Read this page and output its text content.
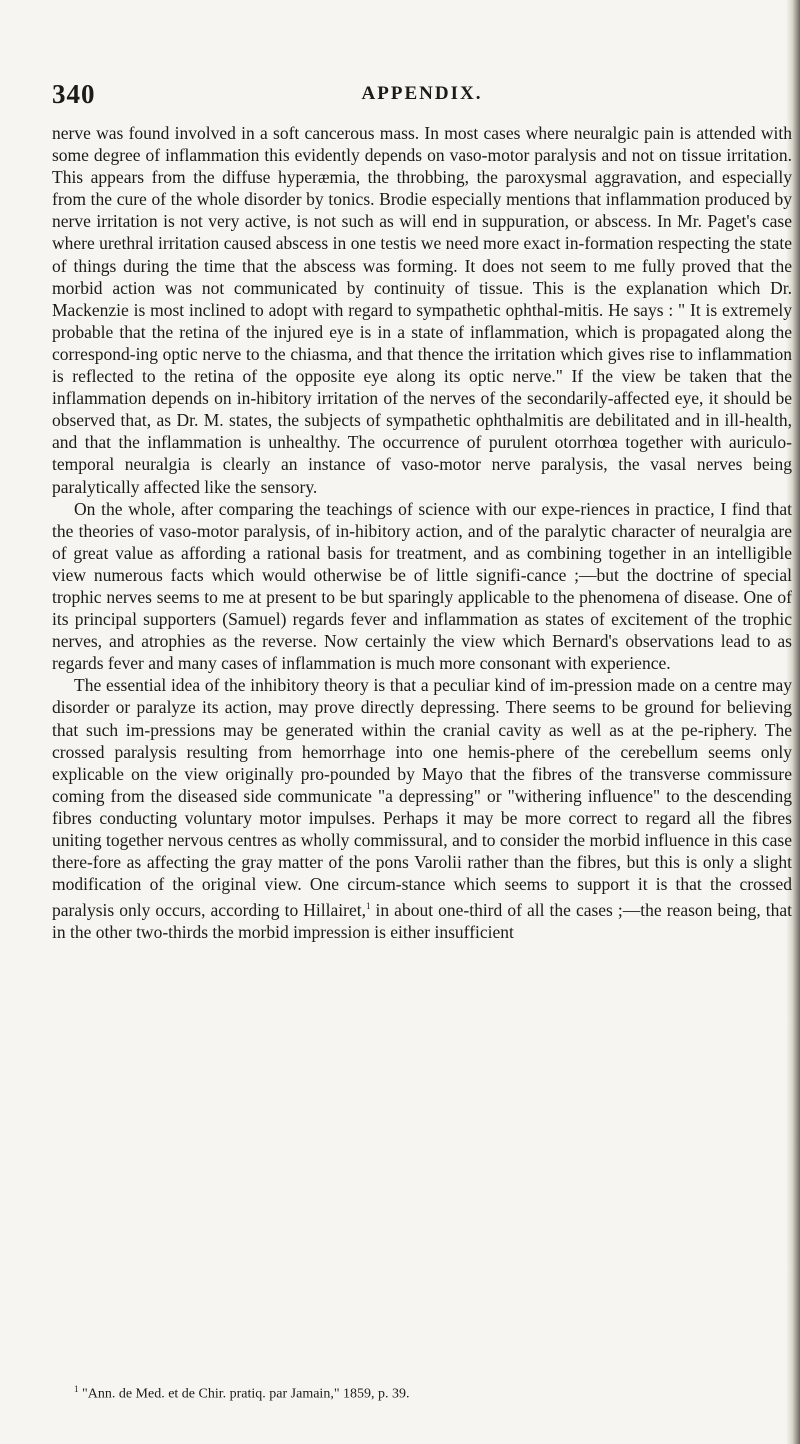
APPENDIX.
340

nerve was found involved in a soft cancerous mass. In most cases where neuralgic pain is attended with some degree of inflammation this evidently depends on vaso-motor paralysis and not on tissue irritation. This appears from the diffuse hyperæmia, the throbbing, the paroxysmal aggravation, and especially from the cure of the whole disorder by tonics. Brodie especially mentions that inflammation produced by nerve irritation is not very active, is not such as will end in suppuration, or abscess. In Mr. Paget's case where urethral irritation caused abscess in one testis we need more exact in-formation respecting the state of things during the time that the abscess was forming. It does not seem to me fully proved that the morbid action was not communicated by continuity of tissue. This is the explanation which Dr. Mackenzie is most inclined to adopt with regard to sympathetic ophthal-mitis. He says : " It is extremely probable that the retina of the injured eye is in a state of inflammation, which is propagated along the correspond-ing optic nerve to the chiasma, and that thence the irritation which gives rise to inflammation is reflected to the retina of the opposite eye along its optic nerve." If the view be taken that the inflammation depends on in-hibitory irritation of the nerves of the secondarily-affected eye, it should be observed that, as Dr. M. states, the subjects of sympathetic ophthalmitis are debilitated and in ill-health, and that the inflammation is unhealthy. The occurrence of purulent otorrhœa together with auriculo-temporal neuralgia is clearly an instance of vaso-motor nerve paralysis, the vasal nerves being paralytically affected like the sensory.

On the whole, after comparing the teachings of science with our expe-riences in practice, I find that the theories of vaso-motor paralysis, of in-hibitory action, and of the paralytic character of neuralgia are of great value as affording a rational basis for treatment, and as combining together in an intelligible view numerous facts which would otherwise be of little signifi-cance ;—but the doctrine of special trophic nerves seems to me at present to be but sparingly applicable to the phenomena of disease. One of its principal supporters (Samuel) regards fever and inflammation as states of excitement of the trophic nerves, and atrophies as the reverse. Now certainly the view which Bernard's observations lead to as regards fever and many cases of inflammation is much more consonant with experience.

The essential idea of the inhibitory theory is that a peculiar kind of im-pression made on a centre may disorder or paralyze its action, may prove directly depressing. There seems to be ground for believing that such im-pressions may be generated within the cranial cavity as well as at the pe-riphery. The crossed paralysis resulting from hemorrhage into one hemis-phere of the cerebellum seems only explicable on the view originally pro-pounded by Mayo that the fibres of the transverse commissure coming from the diseased side communicate "a depressing" or "withering influence" to the descending fibres conducting voluntary motor impulses. Perhaps it may be more correct to regard all the fibres uniting together nervous centres as wholly commissural, and to consider the morbid influence in this case there-fore as affecting the gray matter of the pons Varolii rather than the fibres, but this is only a slight modification of the original view. One circum-stance which seems to support it is that the crossed paralysis only occurs, according to Hillairet,$^1$ in about one-third of all the cases ;—the reason being, that in the other two-thirds the morbid impression is either insufficient

$^1$ "Ann. de Med. et de Chir. pratiq. par Jamain," 1859, p. 39.
